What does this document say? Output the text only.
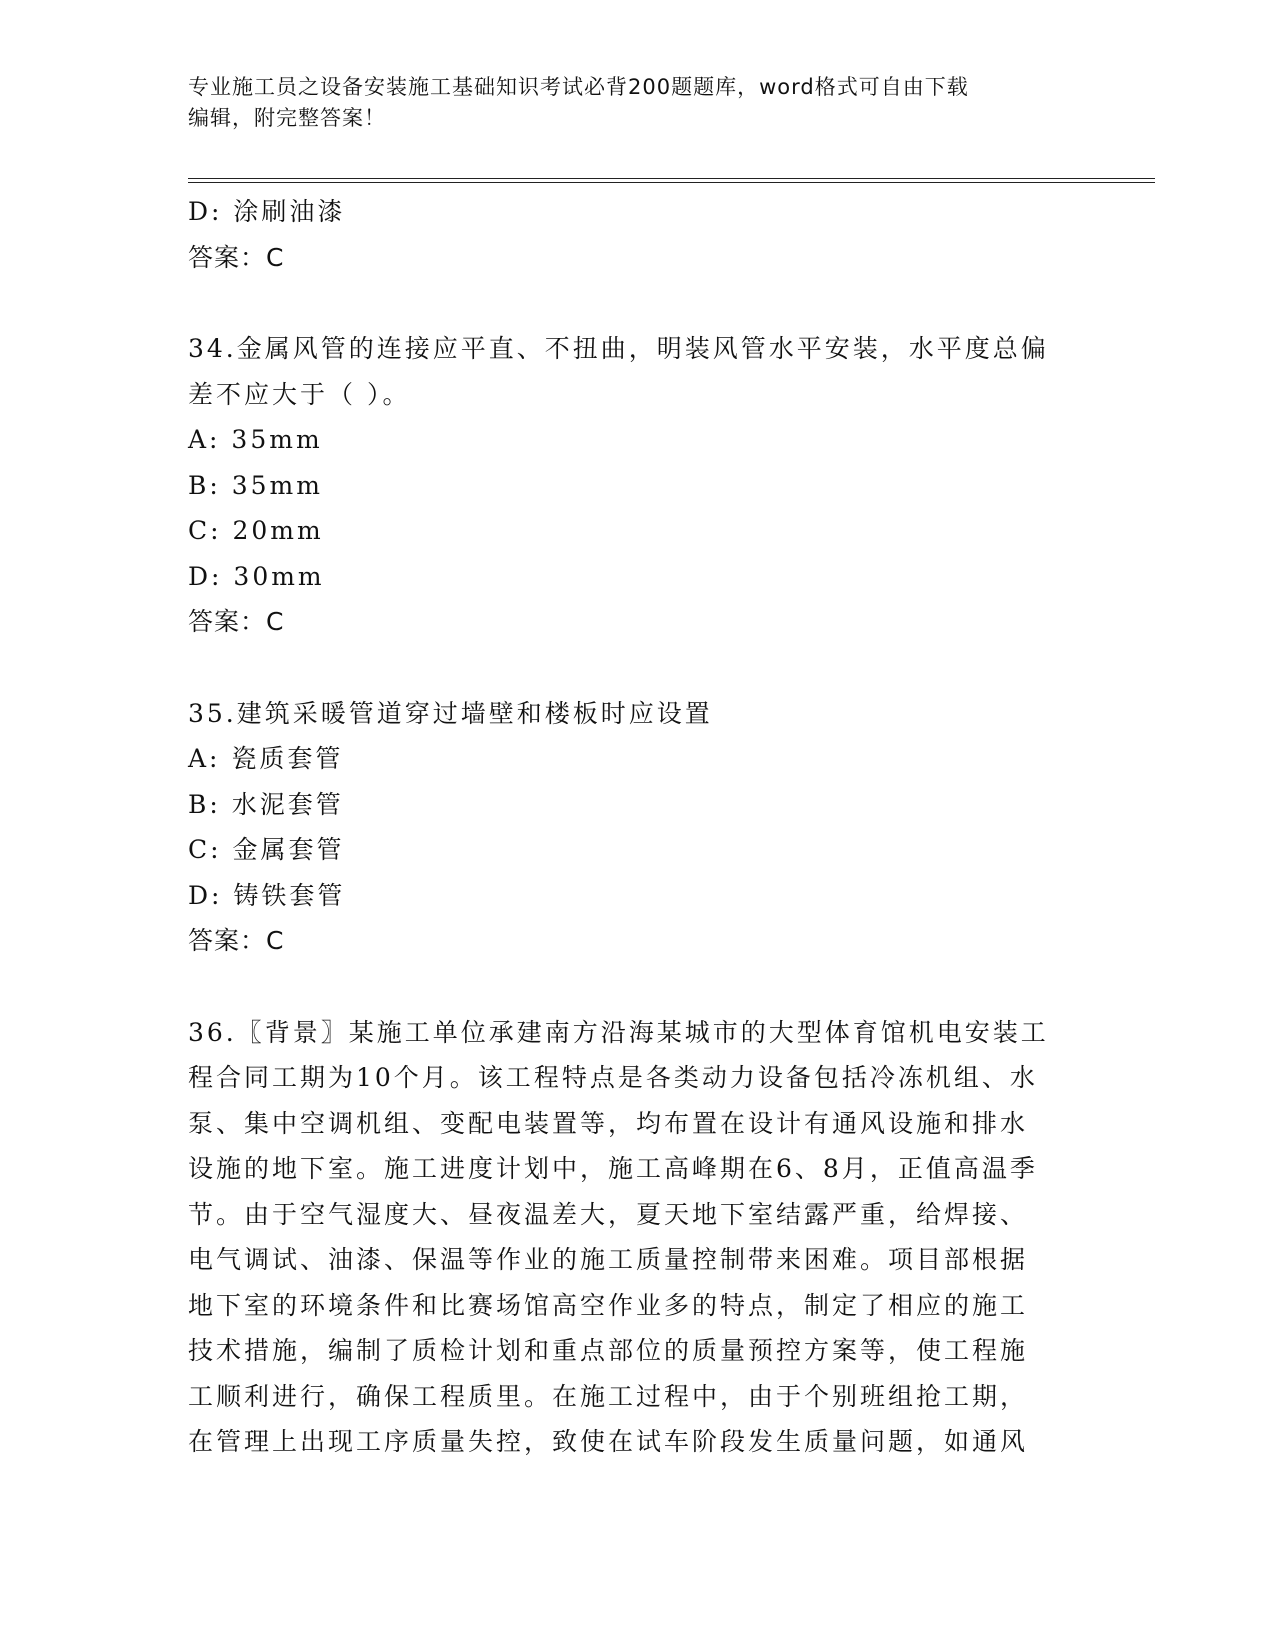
专业施工员之设备安装施工基础知识考试必背200题题库，word格式可自由下载
编辑，附完整答案！
D: 涂刷油漆
答案：C
34.金属风管的连接应平直、不扭曲，明装风管水平安装，水平度总偏
差不应大于（ ）。
A: 35mm
B: 35mm
C: 20mm
D: 30mm
答案：C
35.建筑采暖管道穿过墙壁和楼板时应设置
A: 瓷质套管
B: 水泥套管
C: 金属套管
D: 铸铁套管
答案：C
36.〖背景〗某施工单位承建南方沿海某城市的大型体育馆机电安装工
程合同工期为10个月。该工程特点是各类动力设备包括冷冻机组、水
泵、集中空调机组、变配电装置等，均布置在设计有通风设施和排水
设施的地下室。施工进度计划中，施工高峰期在6、8月，正值高温季
节。由于空气湿度大、昼夜温差大，夏天地下室结露严重，给焊接、
电气调试、油漆、保温等作业的施工质量控制带来困难。项目部根据
地下室的环境条件和比赛场馆高空作业多的特点，制定了相应的施工
技术措施，编制了质检计划和重点部位的质量预控方案等，使工程施
工顺利进行，确保工程质里。在施工过程中，由于个别班组抢工期，
在管理上出现工序质量失控，致使在试车阶段发生质量问题，如通风
